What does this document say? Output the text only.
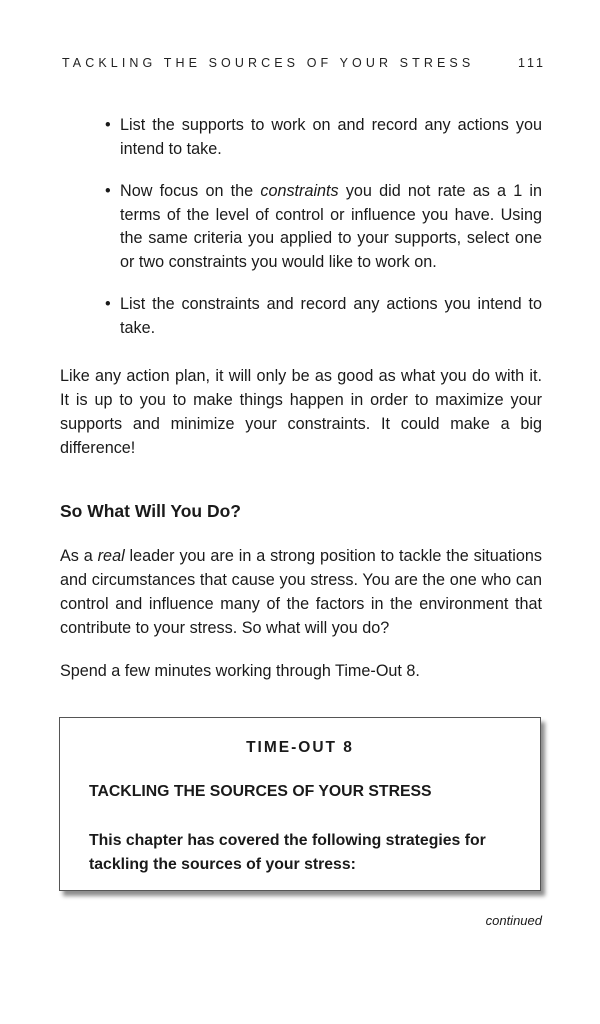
TACKLING THE SOURCES OF YOUR STRESS	111
• List the supports to work on and record any actions you intend to take.
• Now focus on the constraints you did not rate as a 1 in terms of the level of control or influence you have. Using the same criteria you applied to your supports, select one or two constraints you would like to work on.
• List the constraints and record any actions you intend to take.

Like any action plan, it will only be as good as what you do with it. It is up to you to make things happen in order to maximize your supports and minimize your constraints. It could make a big difference!

So What Will You Do?

As a real leader you are in a strong position to tackle the situations and circumstances that cause you stress. You are the one who can control and influence many of the factors in the environment that contribute to your stress. So what will you do?

Spend a few minutes working through Time-Out 8.

TIME-OUT 8
TACKLING THE SOURCES OF YOUR STRESS
This chapter has covered the following strategies for tackling the sources of your stress:
continued
